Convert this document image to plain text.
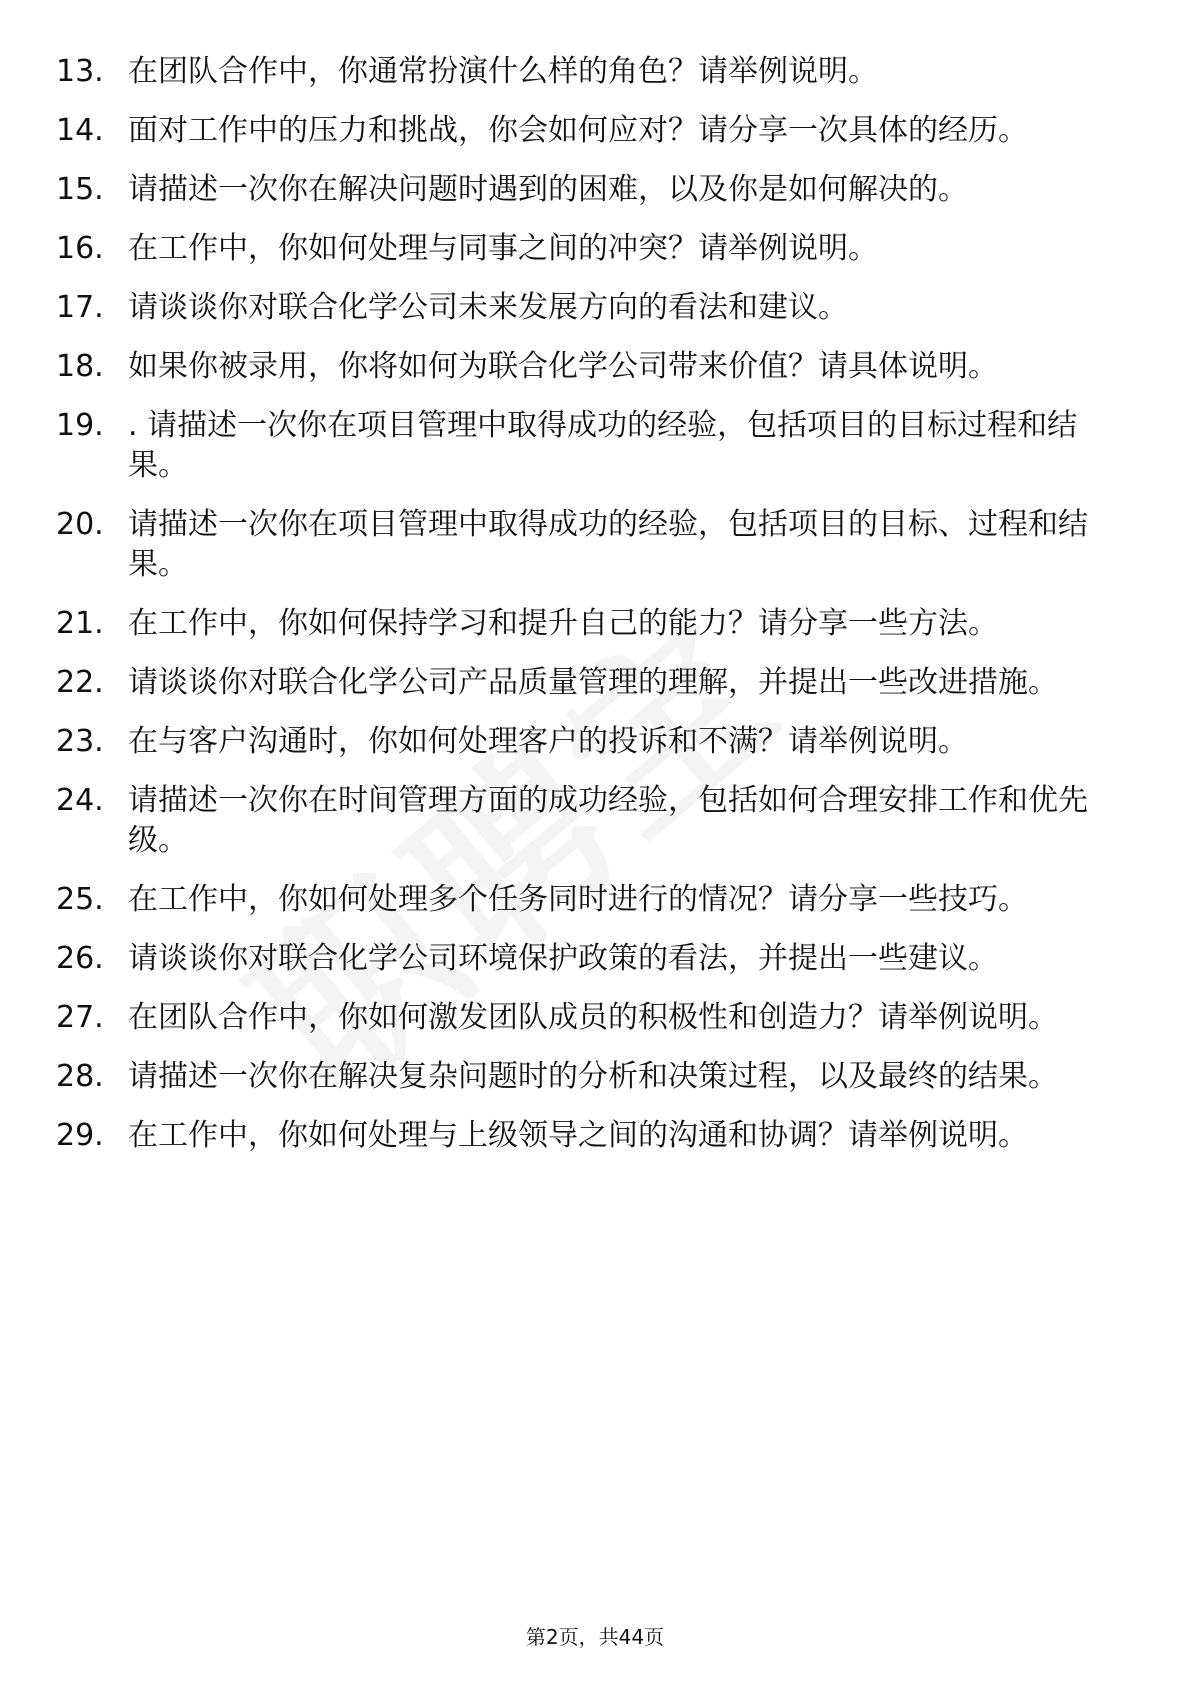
13. 在团队合作中，你通常扮演什么样的角色？请举例说明。
14. 面对工作中的压力和挑战，你会如何应对？请分享一次具体的经历。
15. 请描述一次你在解决问题时遇到的困难，以及你是如何解决的。
16. 在工作中，你如何处理与同事之间的冲突？请举例说明。
17. 请谈谈你对联合化学公司未来发展方向的看法和建议。
18. 如果你被录用，你将如何为联合化学公司带来价值？请具体说明。
19. . 请描述一次你在项目管理中取得成功的经验，包括项目的目标过程和结果。
20. 请描述一次你在项目管理中取得成功的经验，包括项目的目标、过程和结果。
21. 在工作中，你如何保持学习和提升自己的能力？请分享一些方法。
22. 请谈谈你对联合化学公司产品质量管理的理解，并提出一些改进措施。
23. 在与客户沟通时，你如何处理客户的投诉和不满？请举例说明。
24. 请描述一次你在时间管理方面的成功经验，包括如何合理安排工作和优先级。
25. 在工作中，你如何处理多个任务同时进行的情况？请分享一些技巧。
26. 请谈谈你对联合化学公司环境保护政策的看法，并提出一些建议。
27. 在团队合作中，你如何激发团队成员的积极性和创造力？请举例说明。
28. 请描述一次你在解决复杂问题时的分析和决策过程，以及最终的结果。
29. 在工作中，你如何处理与上级领导之间的沟通和协调？请举例说明。
第2页，共44页
